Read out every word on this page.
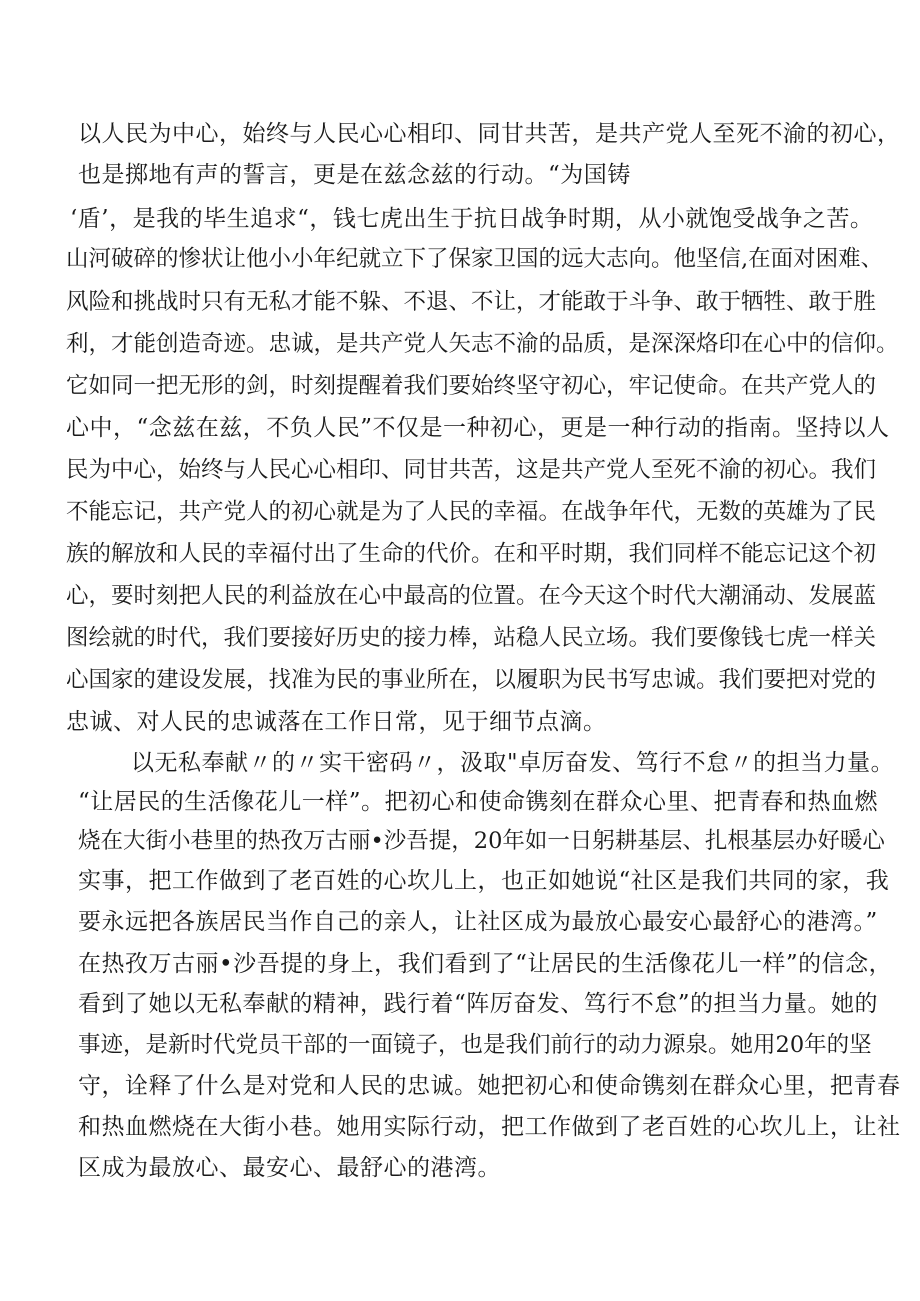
以人民为中心，始终与人民心心相印、同甘共苦，是共产党人至死不渝的初心，
也是掷地有声的誓言，更是在兹念兹的行动。“为国铸
‘盾’，是我的毕生追求“，钱七虎出生于抗日战争时期，从小就饱受战争之苦。
山河破碎的惨状让他小小年纪就立下了保家卫国的远大志向。他坚信,在面对困难、
风险和挑战时只有无私才能不躲、不退、不让，才能敢于斗争、敢于牺牲、敢于胜
利，才能创造奇迹。忠诚，是共产党人矢志不渝的品质，是深深烙印在心中的信仰。
它如同一把无形的剑，时刻提醒着我们要始终坚守初心，牢记使命。在共产党人的
心中，“念兹在兹，不负人民”不仅是一种初心，更是一种行动的指南。坚持以人
民为中心，始终与人民心心相印、同甘共苦，这是共产党人至死不渝的初心。我们
不能忘记，共产党人的初心就是为了人民的幸福。在战争年代，无数的英雄为了民
族的解放和人民的幸福付出了生命的代价。在和平时期，我们同样不能忘记这个初
心，要时刻把人民的利益放在心中最高的位置。在今天这个时代大潮涌动、发展蓝
图绘就的时代，我们要接好历史的接力棒，站稳人民立场。我们要像钱七虎一样关
心国家的建设发展，找准为民的事业所在，以履职为民书写忠诚。我们要把对党的
忠诚、对人民的忠诚落在工作日常，见于细节点滴。
以无私奉献〃的〃实干密码〃，汲取"卓厉奋发、笃行不怠〃的担当力量。
“让居民的生活像花儿一样”。把初心和使命镌刻在群众心里、把青春和热血燃
烧在大街小巷里的热孜万古丽•沙吾提，20年如一日躬耕基层、扎根基层办好暖心
实事，把工作做到了老百姓的心坎儿上，也正如她说“社区是我们共同的家，我
要永远把各族居民当作自己的亲人，让社区成为最放心最安心最舒心的港湾。”
在热孜万古丽•沙吾提的身上，我们看到了“让居民的生活像花儿一样”的信念，
看到了她以无私奉献的精神，践行着“阵厉奋发、笃行不怠”的担当力量。她的
事迹，是新时代党员干部的一面镜子，也是我们前行的动力源泉。她用20年的坚
守，诠释了什么是对党和人民的忠诚。她把初心和使命镌刻在群众心里，把青春
和热血燃烧在大街小巷。她用实际行动，把工作做到了老百姓的心坎儿上，让社
区成为最放心、最安心、最舒心的港湾。
